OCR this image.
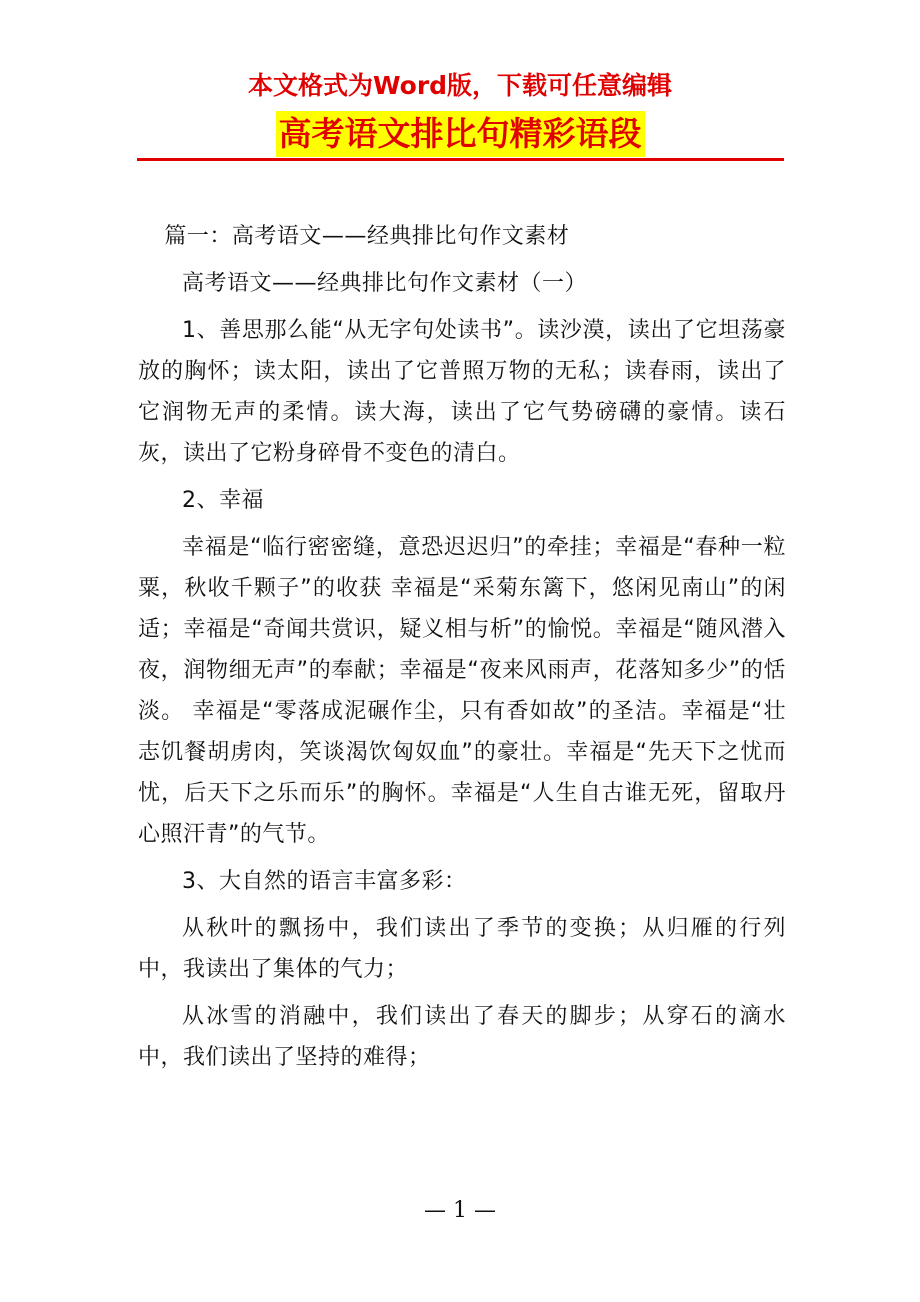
本文格式为Word版，下载可任意编辑
高考语文排比句精彩语段

篇一：高考语文——经典排比句作文素材

高考语文——经典排比句作文素材（一）

1、善思那么能“从无字句处读书”。读沙漠，读出了它坦荡豪放的胸怀；读太阳，读出了它普照万物的无私；读春雨，读出了它润物无声的柔情。读大海，读出了它气势磅礴的豪情。读石灰，读出了它粉身碎骨不变色的清白。

2、幸福

幸福是“临行密密缝，意恐迟迟归”的牵挂；幸福是“春种一粒粟，秋收千颗子”的收获 幸福是“采菊东篱下，悠闲见南山”的闲适；幸福是“奇闻共赏识，疑义相与析”的愉悦。幸福是“随风潜入夜，润物细无声”的奉献；幸福是“夜来风雨声，花落知多少”的恬淡。 幸福是“零落成泥碾作尘，只有香如故”的圣洁。幸福是“壮志饥餐胡虏肉，笑谈渴饮匈奴血”的豪壮。幸福是“先天下之忧而忧，后天下之乐而乐”的胸怀。幸福是“人生自古谁无死，留取丹心照汗青”的气节。

3、大自然的语言丰富多彩：

从秋叶的飘扬中，我们读出了季节的变换；从归雁的行列中，我读出了集体的气力；

从冰雪的消融中，我们读出了春天的脚步；从穿石的滴水中，我们读出了坚持的难得；

— 1 —
